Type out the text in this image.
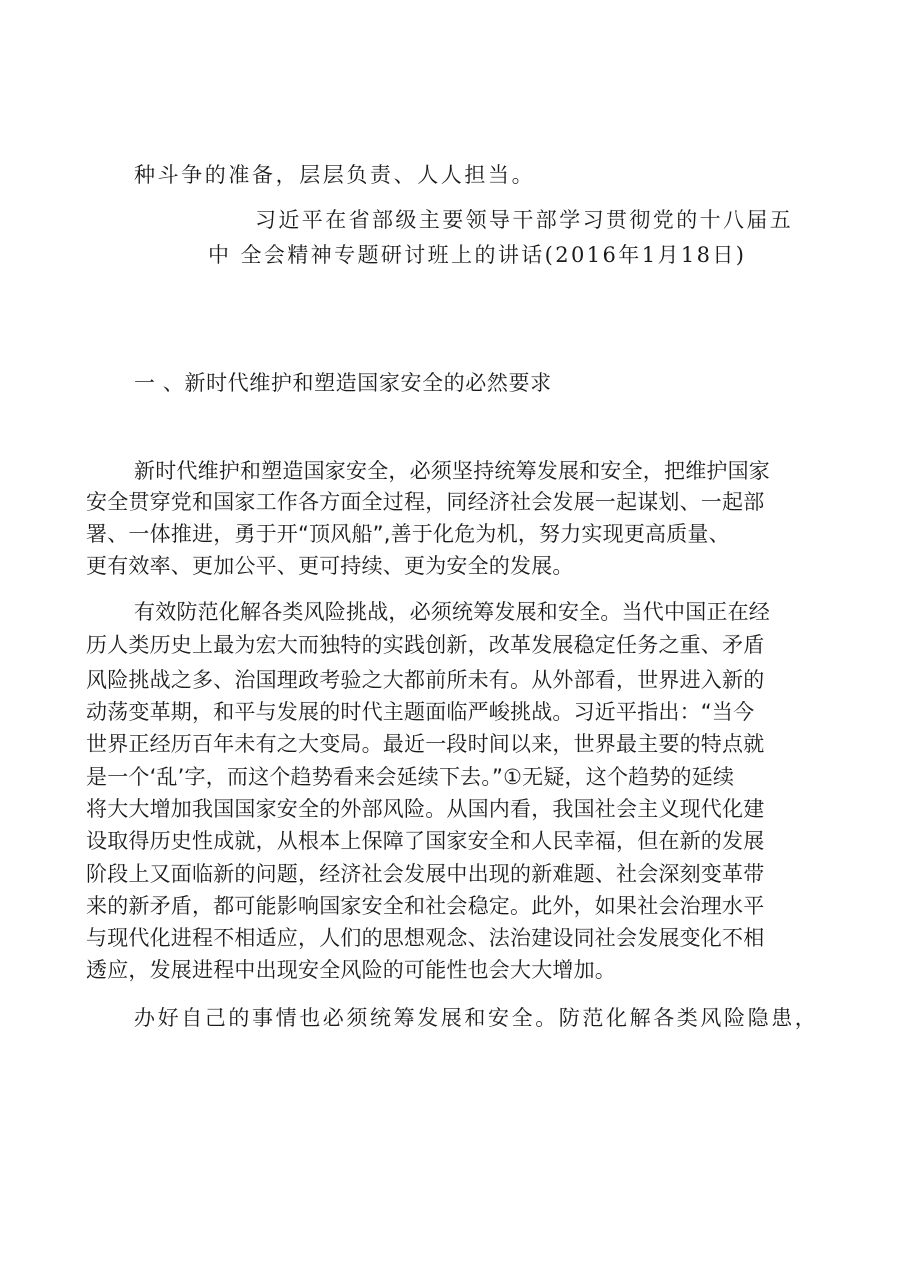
种斗争的准备，层层负责、人人担当。
习近平在省部级主要领导干部学习贯彻党的十八届五
中 全会精神专题研讨班上的讲话(2016年1月18日)
一 、新时代维护和塑造国家安全的必然要求
新时代维护和塑造国家安全，必须坚持统筹发展和安全，把维护国家
安全贯穿党和国家工作各方面全过程，同经济社会发展一起谋划、一起部
署、一体推进，勇于开“顶风船”,善于化危为机，努力实现更高质量、
更有效率、更加公平、更可持续、更为安全的发展。
有效防范化解各类风险挑战，必须统筹发展和安全。当代中国正在经
历人类历史上最为宏大而独特的实践创新，改革发展稳定任务之重、矛盾
风险挑战之多、治国理政考验之大都前所未有。从外部看，世界进入新的
动荡变革期，和平与发展的时代主题面临严峻挑战。习近平指出：“当今
世界正经历百年未有之大变局。最近一段时间以来，世界最主要的特点就
是一个‘乱’字，而这个趋势看来会延续下去。”①无疑，这个趋势的延续
将大大增加我国国家安全的外部风险。从国内看，我国社会主义现代化建
设取得历史性成就，从根本上保障了国家安全和人民幸福，但在新的发展
阶段上又面临新的问题，经济社会发展中出现的新难题、社会深刻变革带
来的新矛盾，都可能影响国家安全和社会稳定。此外，如果社会治理水平
与现代化进程不相适应，人们的思想观念、法治建设同社会发展变化不相
透应，发展进程中出现安全风险的可能性也会大大增加。
办好自己的事情也必须统筹发展和安全。防范化解各类风险隐患，
